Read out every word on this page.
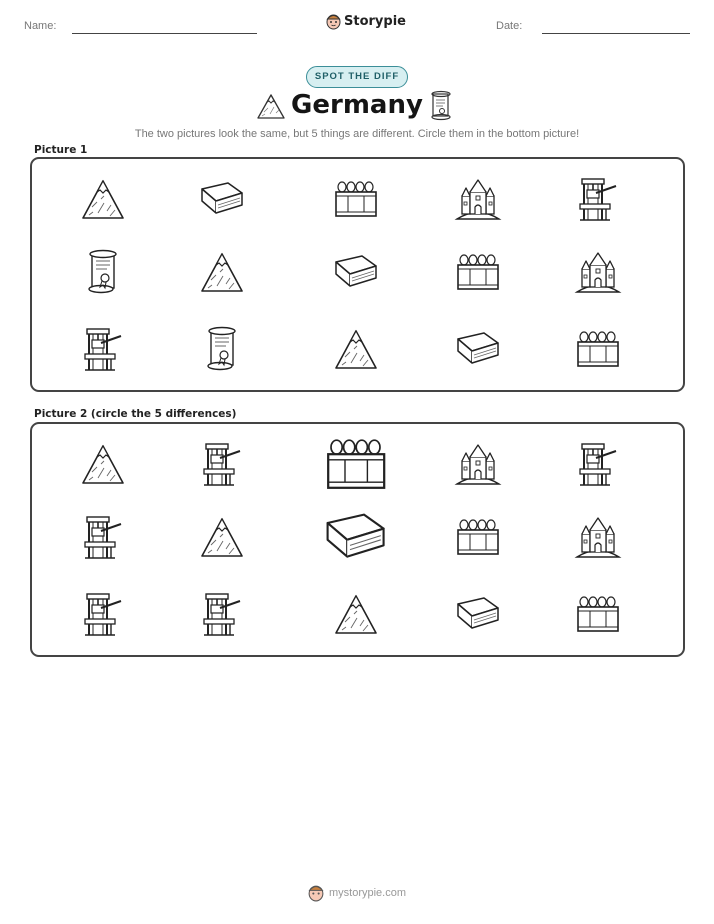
Name:	Storypie	Date:
SPOT THE DIFF
Germany
The two pictures look the same, but 5 things are different. Circle them in the bottom picture!
Picture 1
Picture 2 (circle the 5 differences)
mystorypie.com
